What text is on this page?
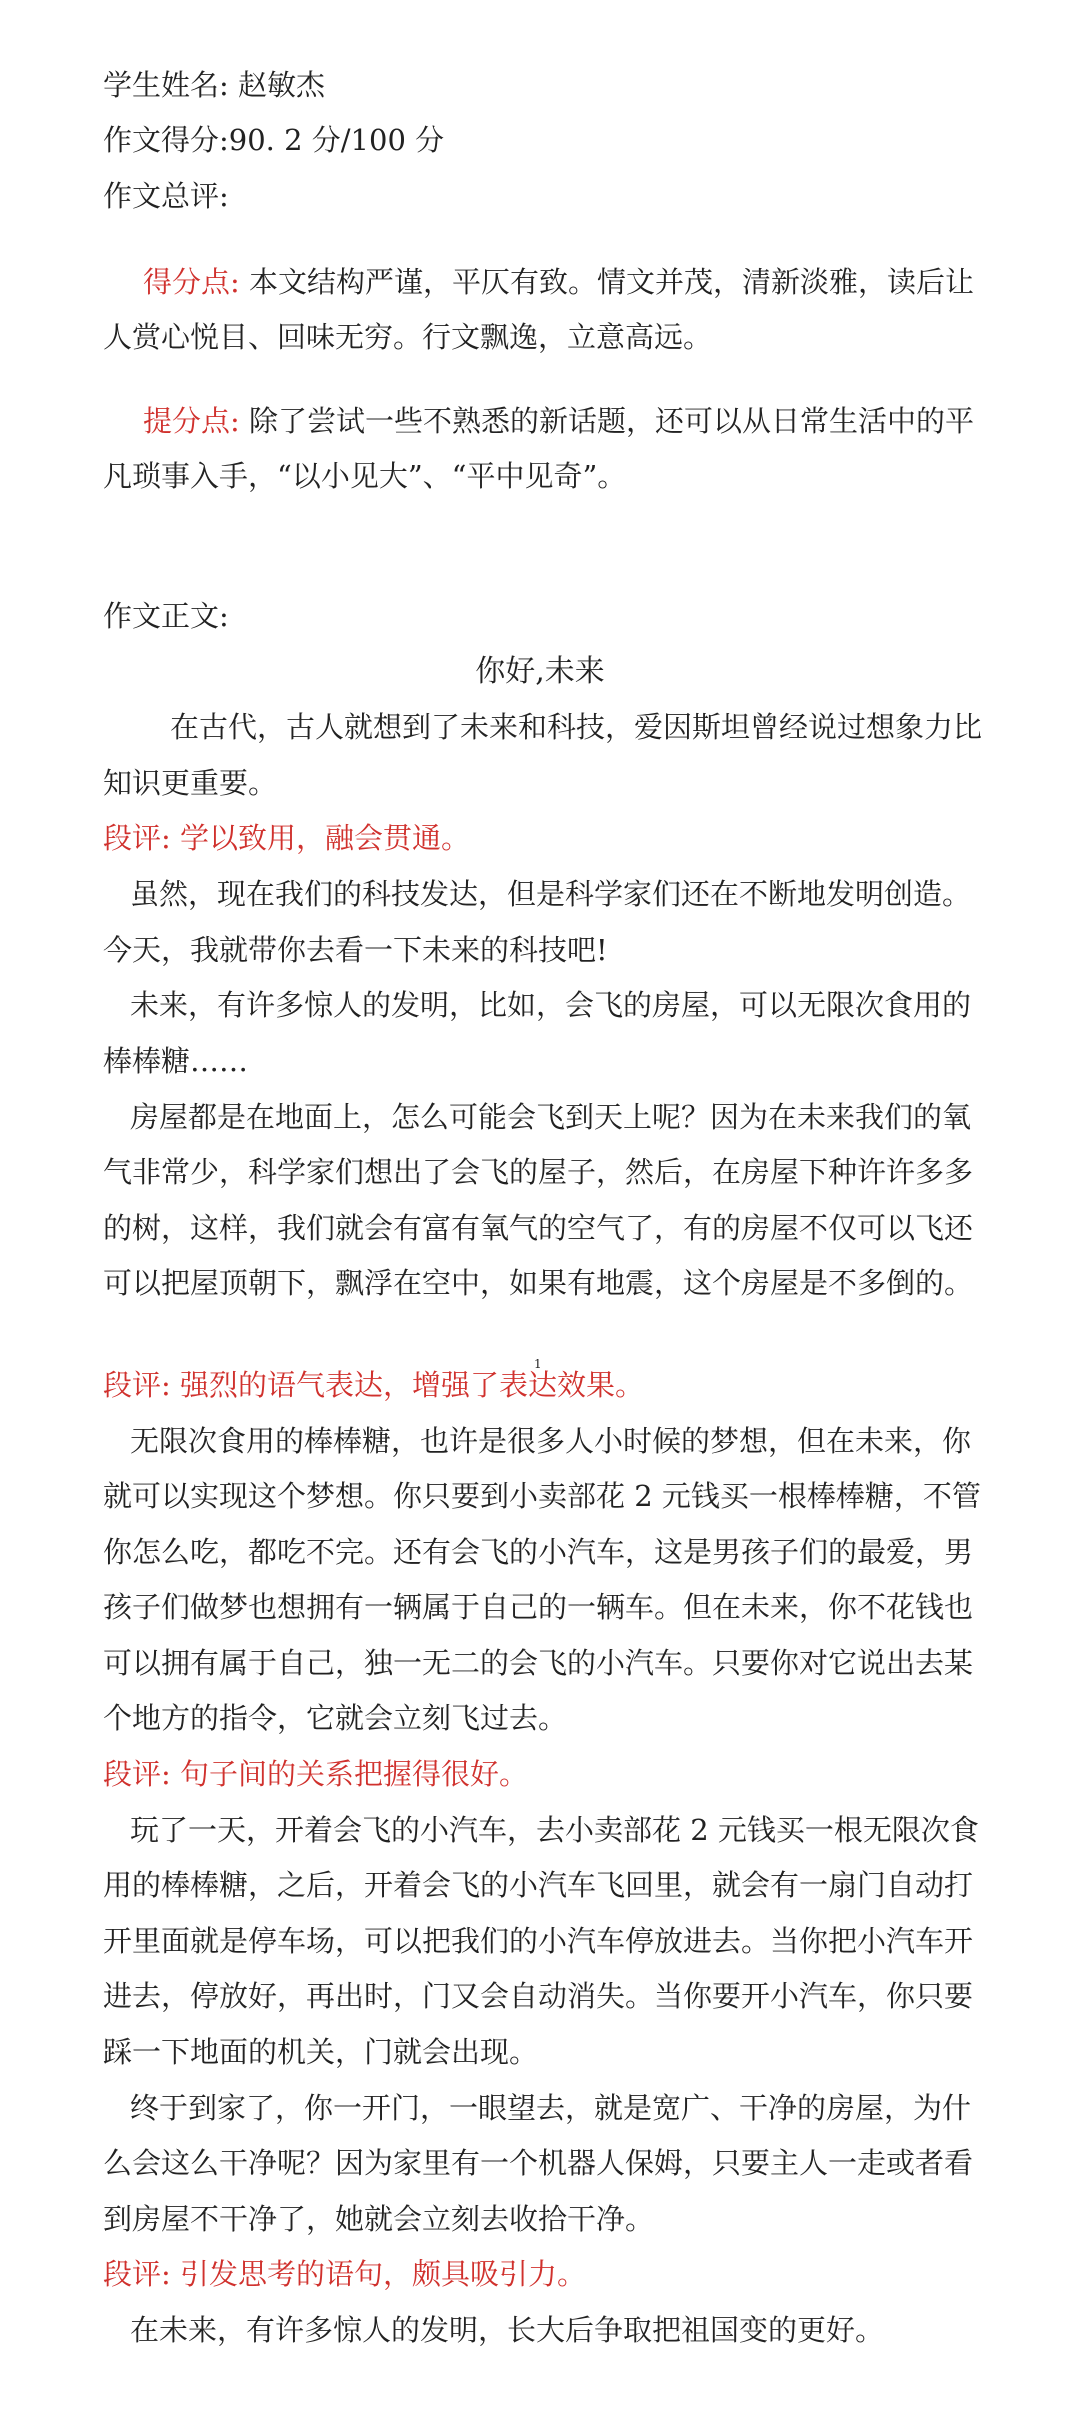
学生姓名: 赵敏杰
作文得分:90. 2 分/100 分
作文总评:
得分点: 本文结构严谨，平仄有致。情文并茂，清新淡雅，读后让
人赏心悦目、回味无穷。行文飘逸，立意高远。
提分点: 除了尝试一些不熟悉的新话题，还可以从日常生活中的平
凡琐事入手，“以小见大”、“平中见奇”。
作文正文:
你好,未来
在古代，古人就想到了未来和科技，爱因斯坦曾经说过想象力比
知识更重要。
段评: 学以致用，融会贯通。
虽然，现在我们的科技发达，但是科学家们还在不断地发明创造。
今天，我就带你去看一下未来的科技吧!
未来，有许多惊人的发明，比如，会飞的房屋，可以无限次食用的
棒棒糖……
房屋都是在地面上，怎么可能会飞到天上呢？因为在未来我们的氧
气非常少，科学家们想出了会飞的屋子，然后，在房屋下种许许多多
的树，这样，我们就会有富有氧气的空气了，有的房屋不仅可以飞还
可以把屋顶朝下，飘浮在空中，如果有地震，这个房屋是不多倒的。
1
段评: 强烈的语气表达，增强了表达效果。
无限次食用的棒棒糖，也许是很多人小时候的梦想，但在未来，你
就可以实现这个梦想。你只要到小卖部花 2 元钱买一根棒棒糖，不管
你怎么吃，都吃不完。还有会飞的小汽车，这是男孩子们的最爱，男
孩子们做梦也想拥有一辆属于自己的一辆车。但在未来，你不花钱也
可以拥有属于自己，独一无二的会飞的小汽车。只要你对它说出去某
个地方的指令，它就会立刻飞过去。
段评: 句子间的关系把握得很好。
玩了一天，开着会飞的小汽车，去小卖部花 2 元钱买一根无限次食
用的棒棒糖，之后，开着会飞的小汽车飞回里，就会有一扇门自动打
开里面就是停车场，可以把我们的小汽车停放进去。当你把小汽车开
进去，停放好，再出时，门又会自动消失。当你要开小汽车，你只要
踩一下地面的机关，门就会出现。
终于到家了，你一开门，一眼望去，就是宽广、干净的房屋，为什
么会这么干净呢？因为家里有一个机器人保姆，只要主人一走或者看
到房屋不干净了，她就会立刻去收拾干净。
段评: 引发思考的语句，颇具吸引力。
在未来，有许多惊人的发明，长大后争取把祖国变的更好。
